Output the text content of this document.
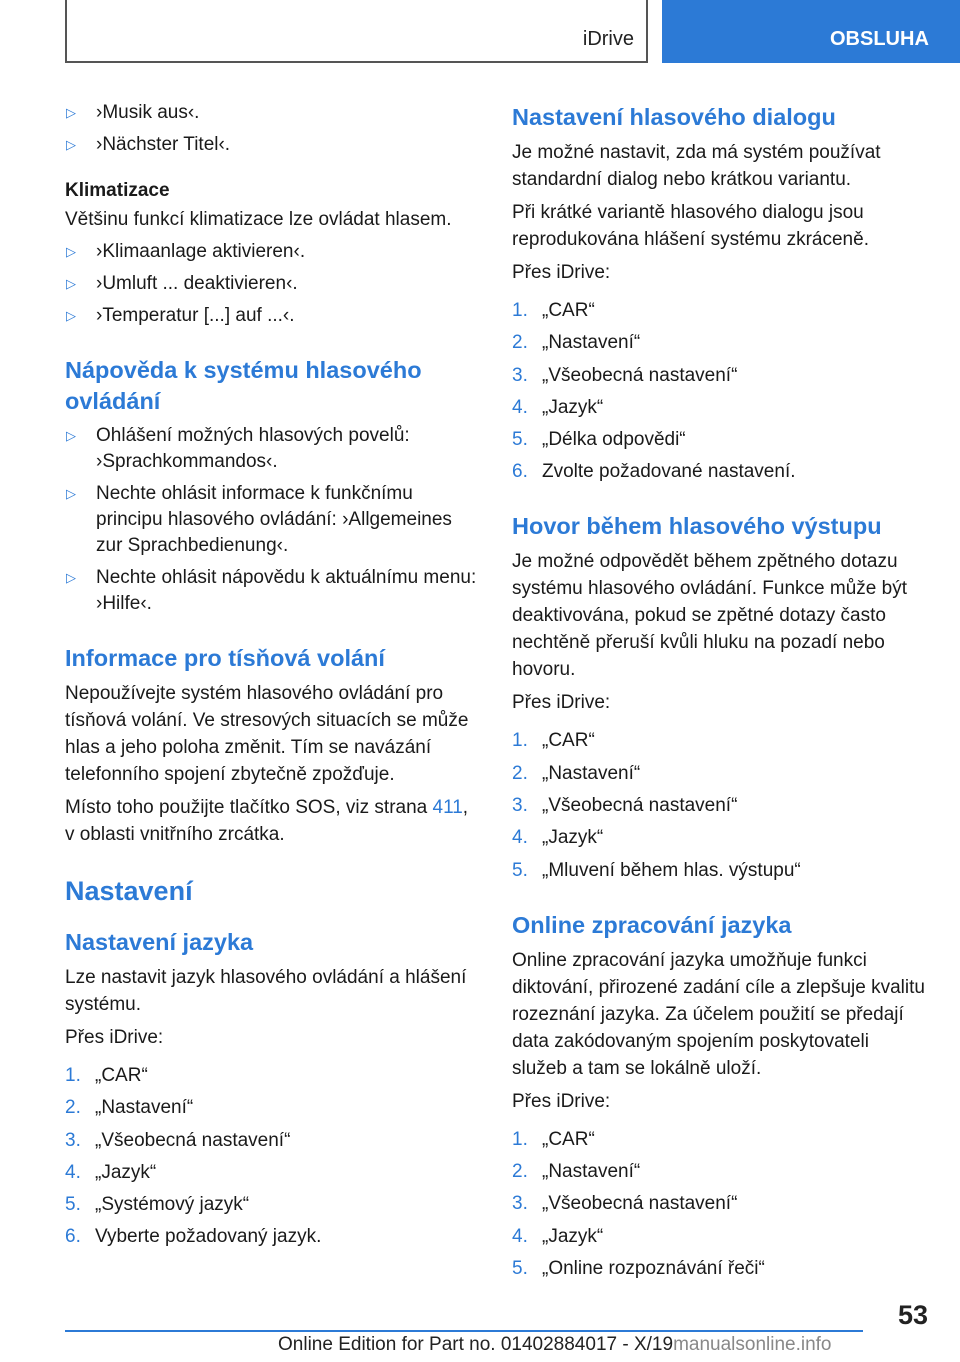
iDrive	OBSLUHA
▷	›Musik aus‹.
▷	›Nächster Titel‹.
Klimatizace
Většinu funkcí klimatizace lze ovládat hlasem.
▷	›Klimaanlage aktivieren‹.
▷	›Umluft ... deaktivieren‹.
▷	›Temperatur [...] auf ...‹.
Nápověda k systému hlasového ovládání
▷	Ohlášení možných hlasových povelů: ›Sprachkommandos‹.
▷	Nechte ohlásit informace k funkčnímu principu hlasového ovládání: ›Allgemeines zur Sprachbedienung‹.
▷	Nechte ohlásit nápovědu k aktuálnímu menu: ›Hilfe‹.
Informace pro tísňová volání
Nepoužívejte systém hlasového ovládání pro tísňová volání. Ve stresových situacích se může hlas a jeho poloha změnit. Tím se navázání telefonního spojení zbytečně zpožďuje.
Místo toho použijte tlačítko SOS, viz strana 411, v oblasti vnitřního zrcátka.
Nastavení
Nastavení jazyka
Lze nastavit jazyk hlasového ovládání a hlášení systému.
Přes iDrive:
1. „CAR“
2. „Nastavení“
3. „Všeobecná nastavení“
4. „Jazyk“
5. „Systémový jazyk“
6. Vyberte požadovaný jazyk.
Nastavení hlasového dialogu
Je možné nastavit, zda má systém používat standardní dialog nebo krátkou variantu.
Při krátké variantě hlasového dialogu jsou reprodukována hlášení systému zkráceně.
Přes iDrive:
1. „CAR“
2. „Nastavení“
3. „Všeobecná nastavení“
4. „Jazyk“
5. „Délka odpovědi“
6. Zvolte požadované nastavení.
Hovor během hlasového výstupu
Je možné odpovědět během zpětného dotazu systému hlasového ovládání. Funkce může být deaktivována, pokud se zpětné dotazy často nechtěně přeruší kvůli hluku na pozadí nebo hovoru.
Přes iDrive:
1. „CAR“
2. „Nastavení“
3. „Všeobecná nastavení“
4. „Jazyk“
5. „Mluvení během hlas. výstupu“
Online zpracování jazyka
Online zpracování jazyka umožňuje funkci diktování, přirozené zadání cíle a zlepšuje kvalitu rozeznání jazyka. Za účelem použití se předají data zakódovaným spojením poskytovateli služeb a tam se lokálně uloží.
Přes iDrive:
1. „CAR“
2. „Nastavení“
3. „Všeobecná nastavení“
4. „Jazyk“
5. „Online rozpoznávání řeči“
53
Online Edition for Part no. 01402884017 - X/19manualsonline.info
